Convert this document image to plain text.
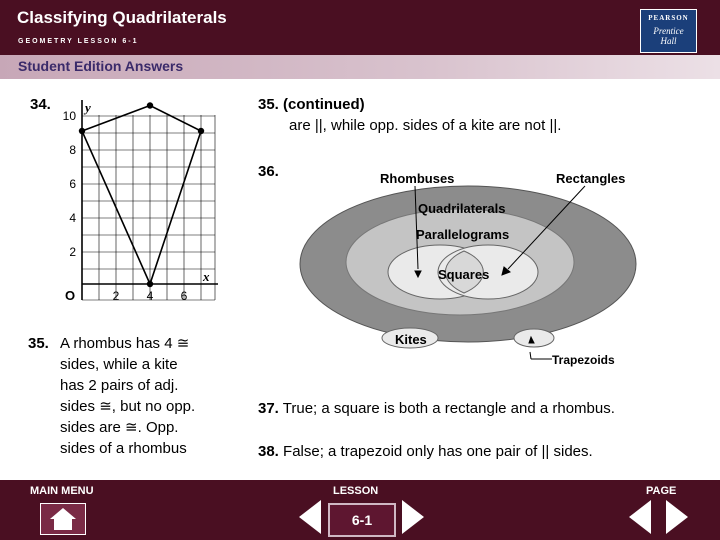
Classifying Quadrilaterals
GEOMETRY LESSON 6-1
PEARSON
Prentice
Hall
Student Edition Answers
34.	y
x
O	2 4 6
2
4
6
8
10
35. A rhombus has 4 ≅
sides, while a kite
has 2 pairs of adj.
sides ≅, but no opp.
sides are ≅. Opp.
sides of a rhombus
35. (continued)
are ||, while opp. sides of a kite are not ||.
36.	Rhombuses	Rectangles
Quadrilaterals
Parallelograms
Squares
Kites
Trapezoids
37. True; a square is both a rectangle and a rhombus.
38. False; a trapezoid only has one pair of || sides.
MAIN MENU	LESSON	PAGE
6-1
